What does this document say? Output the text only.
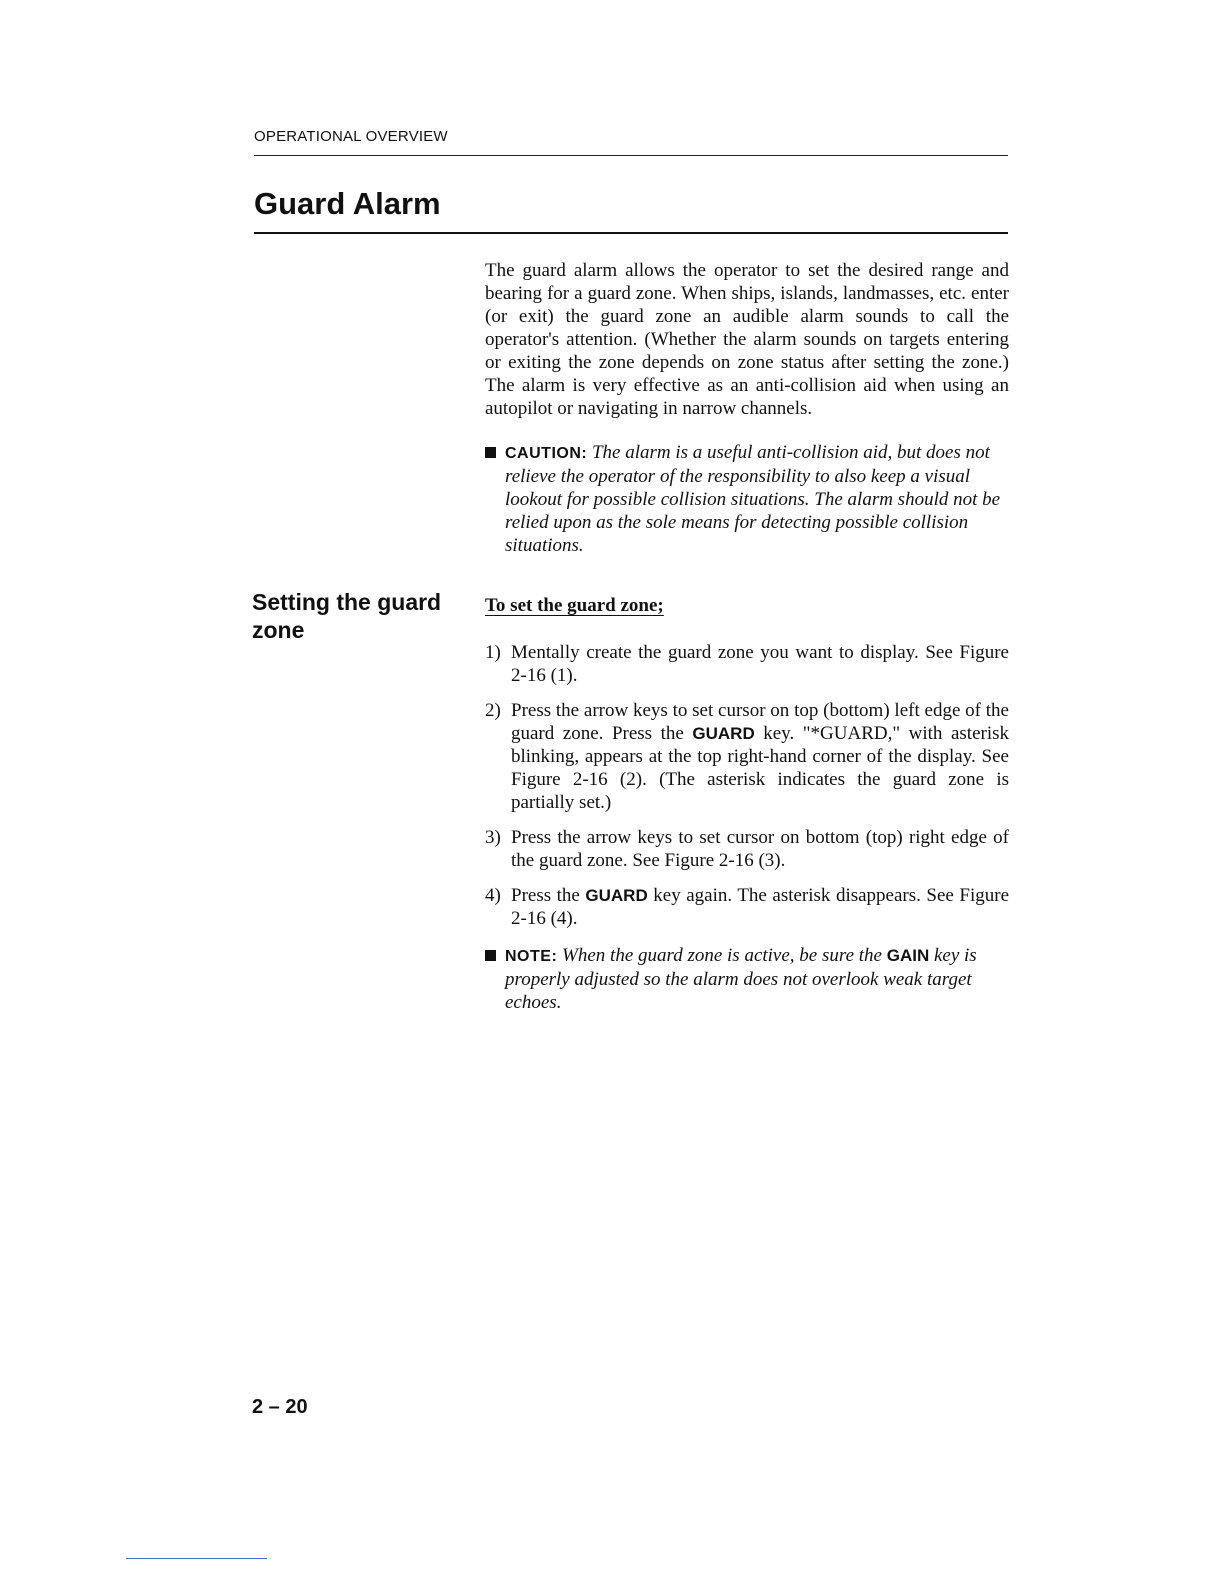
OPERATIONAL OVERVIEW
Guard Alarm

The guard alarm allows the operator to set the desired range and bearing for a guard zone. When ships, islands, landmasses, etc. enter (or exit) the guard zone an audible alarm sounds to call the operator's attention. (Whether the alarm sounds on targets entering or exiting the zone depends on zone status after setting the zone.) The alarm is very effective as an anti-collision aid when using an autopilot or navigating in narrow channels.

CAUTION: The alarm is a useful anti-collision aid, but does not relieve the operator of the responsibility to also keep a visual lookout for possible collision situations. The alarm should not be relied upon as the sole means for detecting possible collision situations.
Setting the guard zone
To set the guard zone;
1) Mentally create the guard zone you want to display. See Figure 2-16 (1).
2) Press the arrow keys to set cursor on top (bottom) left edge of the guard zone. Press the GUARD key. "*GUARD," with asterisk blinking, appears at the top right-hand corner of the display. See Figure 2-16 (2). (The asterisk indicates the guard zone is partially set.)
3) Press the arrow keys to set cursor on bottom (top) right edge of the guard zone. See Figure 2-16 (3).
4) Press the GUARD key again. The asterisk disappears. See Figure 2-16 (4).
NOTE: When the guard zone is active, be sure the GAIN key is properly adjusted so the alarm does not overlook weak target echoes.
2 – 20
